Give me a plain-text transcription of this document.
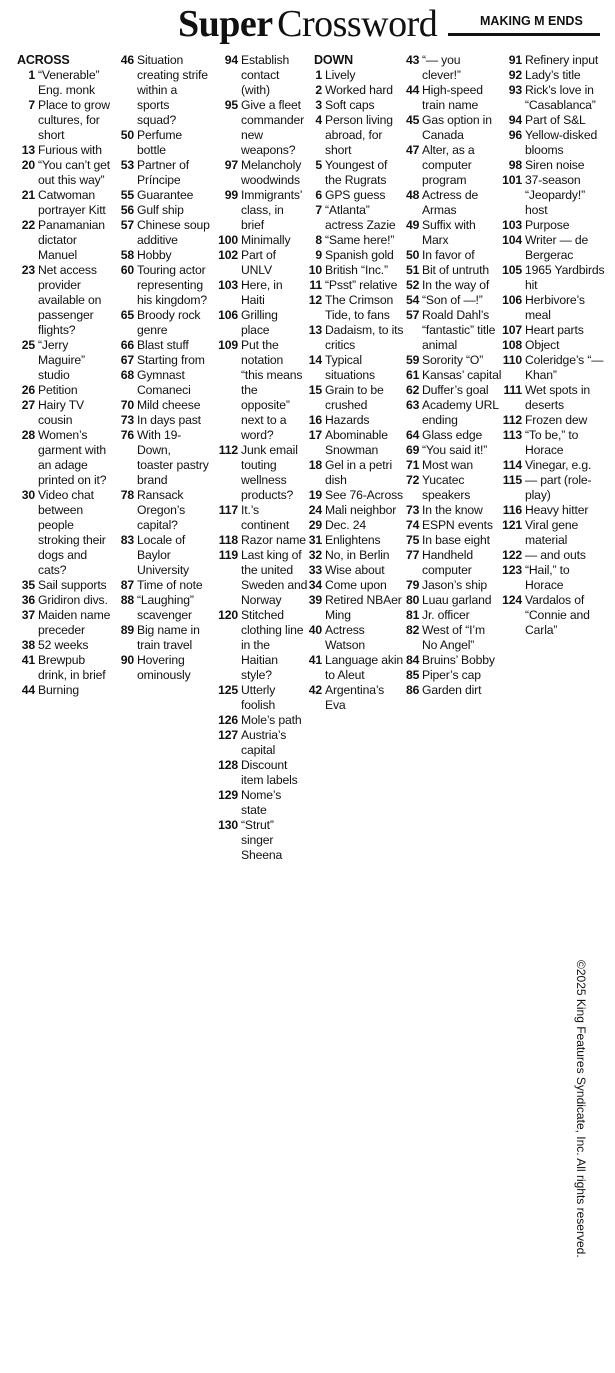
Super Crossword	MAKING M ENDS
ACROSS
1 “Venerable” Eng. monk
7 Place to grow cultures, for short
13 Furious with
20 “You can’t get out this way”
21 Catwoman portrayer Kitt
22 Panamanian dictator Manuel
23 Net access provider available on passenger flights?
25 “Jerry Maguire” studio
26 Petition
27 Hairy TV cousin
28 Women’s garment with an adage printed on it?
30 Video chat between people stroking their dogs and cats?
35 Sail supports
36 Gridiron divs.
37 Maiden name preceder
38 52 weeks
41 Brewpub drink, in brief
44 Burning
46 Situation creating strife within a sports squad?
50 Perfume bottle
53 Partner of Príncipe
55 Guarantee
56 Gulf ship
57 Chinese soup additive
58 Hobby
60 Touring actor representing his kingdom?
65 Broody rock genre
66 Blast stuff
67 Starting from
68 Gymnast Comaneci
70 Mild cheese
73 In days past
76 With 19-Down, toaster pastry brand
78 Ransack Oregon’s capital?
83 Locale of Baylor University
87 Time of note
88 “Laughing” scavenger
89 Big name in train travel
90 Hovering ominously
94 Establish contact (with)
95 Give a fleet commander new weapons?
97 Melancholy woodwinds
99 Immigrants’ class, in brief
100 Minimally
102 Part of UNLV
103 Here, in Haiti
106 Grilling place
109 Put the notation “this means the opposite” next to a word?
112 Junk email touting wellness products?
117 It.’s continent
118 Razor name
119 Last king of the united Sweden and Norway
120 Stitched clothing line in the Haitian style?
125 Utterly foolish
126 Mole’s path
127 Austria’s capital
128 Discount item labels
129 Nome’s state
130 “Strut” singer Sheena
DOWN
1 Lively
2 Worked hard
3 Soft caps
4 Person living abroad, for short
5 Youngest of the Rugrats
6 GPS guess
7 “Atlanta” actress Zazie
8 “Same here!”
9 Spanish gold
10 British “Inc.”
11 “Psst” relative
12 The Crimson Tide, to fans
13 Dadaism, to its critics
14 Typical situations
15 Grain to be crushed
16 Hazards
17 Abominable Snowman
18 Gel in a petri dish
19 See 76-Across
24 Mali neighbor
29 Dec. 24
31 Enlightens
32 No, in Berlin
33 Wise about
34 Come upon
39 Retired NBAer Ming
40 Actress Watson
41 Language akin to Aleut
42 Argentina’s Eva
43 “— you clever!”
44 High-speed train name
45 Gas option in Canada
47 Alter, as a computer program
48 Actress de Armas
49 Suffix with Marx
50 In favor of
51 Bit of untruth
52 In the way of
54 “Son of —!”
57 Roald Dahl’s “fantastic” title animal
59 Sorority “O”
61 Kansas’ capital
62 Duffer’s goal
63 Academy URL ending
64 Glass edge
69 “You said it!”
71 Most wan
72 Yucatec speakers
73 In the know
74 ESPN events
75 In base eight
77 Handheld computer
79 Jason’s ship
80 Luau garland
81 Jr. officer
82 West of “I’m No Angel”
84 Bruins’ Bobby
85 Piper’s cap
86 Garden dirt
91 Refinery input
92 Lady’s title
93 Rick’s love in “Casablanca”
94 Part of S&L
96 Yellow-disked blooms
98 Siren noise
101 37-season “Jeopardy!” host
103 Purpose
104 Writer — de Bergerac
105 1965 Yardbirds hit
106 Herbivore’s meal
107 Heart parts
108 Object
110 Coleridge’s “— Khan”
111 Wet spots in deserts
112 Frozen dew
113 “To be,” to Horace
114 Vinegar, e.g.
115 — part (role-play)
116 Heavy hitter
121 Viral gene material
122 — and outs
123 “Hail,” to Horace
124 Vardalos of “Connie and Carla”
©2025 King Features Syndicate, Inc. All rights reserved.
